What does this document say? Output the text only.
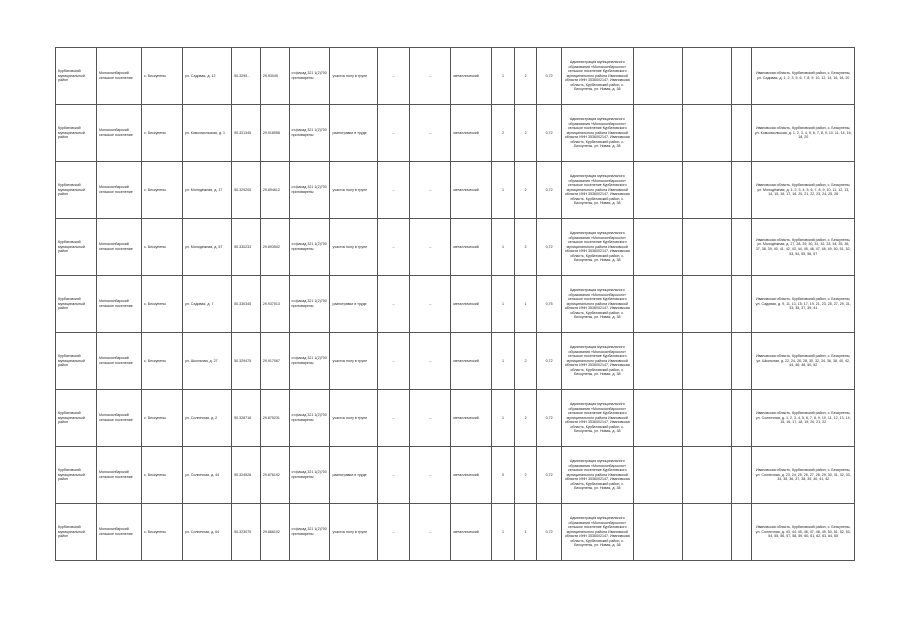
Курбатовский муниципальный район	Молокоспбарский сельское поселение	с. Бескупены	ул. Садовая, д. 12	50.3295...	29.93045	ст.фасад 321 1(2)700 притоварены	участок полу в трупе	–	–	металлический	1	2	0,72	Администрация муниципального образования «Молокоспбарского» сельское поселение Курбатовского муниципального района Ивановской области ИНН 3536002147, Ивановская область, Курбатовский район, с. Бескупены, ул. Новая, д. 38				Ивановская область, Курбатовский район, с. Бескупены, ул. Садовая, д. 1, 2, 3, 5, 6, 7, 8, 9, 10, 12, 14, 16, 18, 20
Курбатовский муниципальный район	Молокоспбарский сельское поселение	с. Бескупены	ул. Комсомольская, д. 1	50.331349	29.918958	ст.фасад 321 1(2)700 притоварены	разнотравье в труде	–	–	металлический	2	2	0,72	Администрация муниципального образования «Молокоспбарского» сельское поселение Курбатовского муниципального района Ивановской области ИНН 3536002147, Ивановская область, Курбатовский район, с. Бескупены, ул. Новая, д. 38				Ивановская область, Курбатовский район, с. Бескупены, ул. Комсомольская, д. 1, 2, 3, 4, 5, 6, 7, 8, 9, 10, 11, 14, 16, 18, 20
Курбатовский муниципальный район	Молокоспбарский сельское поселение	с. Бескупены	ул. Молодёжная, д. 17	50.329200	29.894612	ст.фасад 321 1(2)700 притоварены	участок полу в трупе	–	–	металлический	1	2	0,72	Администрация муниципального образования «Молокоспбарского» сельское поселение Курбатовского муниципального района Ивановской области ИНН 3536002147, Ивановская область, Курбатовский район, с. Бескупены, ул. Новая, д. 38				Ивановская область, Курбатовский район, с. Бескупены, ул. Молодёжная, д. 1, 2, 3, 4, 5, 6, 7, 8, 9, 10, 11, 12, 13, 14, 15, 16, 17, 18, 20, 21, 22, 23, 24, 25, 26
Курбатовский муниципальный район	Молокоспбарский сельское поселение	с. Бескупены	ул. Молодёжная, д. 57	50.330233	29.893502	ст.фасад 321 1(2)700 притоварены	участок полу в трупе	–	–	металлический	1	2	0,72	Администрация муниципального образования «Молокоспбарского» сельское поселение Курбатовского муниципального района Ивановской области ИНН 3536002147, Ивановская область, Курбатовский район, с. Бескупены, ул. Новая, д. 38				Ивановская область, Курбатовский район, с. Бескупены, ул. Молодёжная, д. 27, 28, 29, 30, 31, 32, 33, 34, 35, 36, 37, 38, 39, 40, 41, 42, 43, 44, 45, 46, 47, 48, 49, 50, 51, 52, 53, 54, 55, 56, 57
Курбатовский муниципальный район	Молокоспбарский сельское поселение	с. Бескупены	ул. Садовая, д. 7	50.330345	29.937013	ст.фасад 321 1(2)700 притоварены	разнотравье в труде	–	–	металлический	1	1	0,75	Администрация муниципального образования «Молокоспбарского» сельское поселение Курбатовского муниципального района Ивановской области ИНН 3536002147, Ивановская область, Курбатовский район, с. Бескупены, ул. Новая, д. 38				Ивановская область, Курбатовский район, с. Бескупены, ул. Садовая, д. 9, 11, 13, 15, 17, 19, 21, 23, 25, 27, 29, 31, 33, 35, 37, 39, 41
Курбатовский муниципальный район	Молокоспбарский сельское поселение	с. Бескупены	ул. Школьная, д. 27	50.329475	29.917067	ст.фасад 321 1(2)700 притоварены	участок полу в трупе	–	–	металлический	1	2	0,72	Администрация муниципального образования «Молокоспбарского» сельское поселение Курбатовского муниципального района Ивановской области ИНН 3536002147, Ивановская область, Курбатовский район, с. Бескупены, ул. Новая, д. 38				Ивановская область, Курбатовский район, с. Бескупены, ул. Школьная, д. 22, 24, 26, 28, 30, 32, 34, 36, 38, 40, 42, 44, 46, 48, 50, 52
Курбатовский муниципальный район	Молокоспбарский сельское поселение	с. Бескупены	ул. Солнечная, д. 2	50.328718	29.875231	ст.фасад 321 1(2)700 притоварены	участок полу в трупе	–	–	металлический	1	2	0,72	Администрация муниципального образования «Молокоспбарского» сельское поселение Курбатовского муниципального района Ивановской области ИНН 3536002147, Ивановская область, Курбатовский район, с. Бескупены, ул. Новая, д. 38				Ивановская область, Курбатовский район, с. Бескупены, ул. Солнечная, д. 1, 2, 3, 4, 5, 6, 7, 8, 9, 10, 11, 12, 13, 14, 15, 16, 17, 18, 19, 20, 21, 22
Курбатовский муниципальный район	Молокоспбарский сельское поселение	с. Бескупены	ул. Солнечная, д. 44	50.324526	29.876192	ст.фасад 321 1(2)700 притоварены	разнотравье в труде	–	–	металлический	0	2	0,72	Администрация муниципального образования «Молокоспбарского» сельское поселение Курбатовского муниципального района Ивановской области ИНН 3536002147, Ивановская область, Курбатовский район, с. Бескупены, ул. Новая, д. 38				Ивановская область, Курбатовский район, с. Бескупены, ул. Солнечная, д. 23, 24, 25, 26, 27, 28, 29, 30, 31, 32, 33, 34, 35, 36, 37, 38, 39, 40, 41, 42
Курбатовский муниципальный район	Молокоспбарский сельское поселение	с. Бескупены	ул. Солнечная, д. 64	50.323075	29.866102	ст.фасад 321 1(2)700 притоварены	участок полу в трупе	–	–	металлический	1	1	0,72	Администрация муниципального образования «Молокоспбарского» сельское поселение Курбатовского муниципального района Ивановской области ИНН 3536002147, Ивановская область, Курбатовский район, с. Бескупены, ул. Новая, д. 38				Ивановская область, Курбатовский район, с. Бескупены, ул. Солнечная, д. 43, 44, 45, 46, 47, 48, 49, 50, 51, 52, 53, 54, 55, 56, 57, 58, 59, 60, 61, 62, 63, 64, 65
